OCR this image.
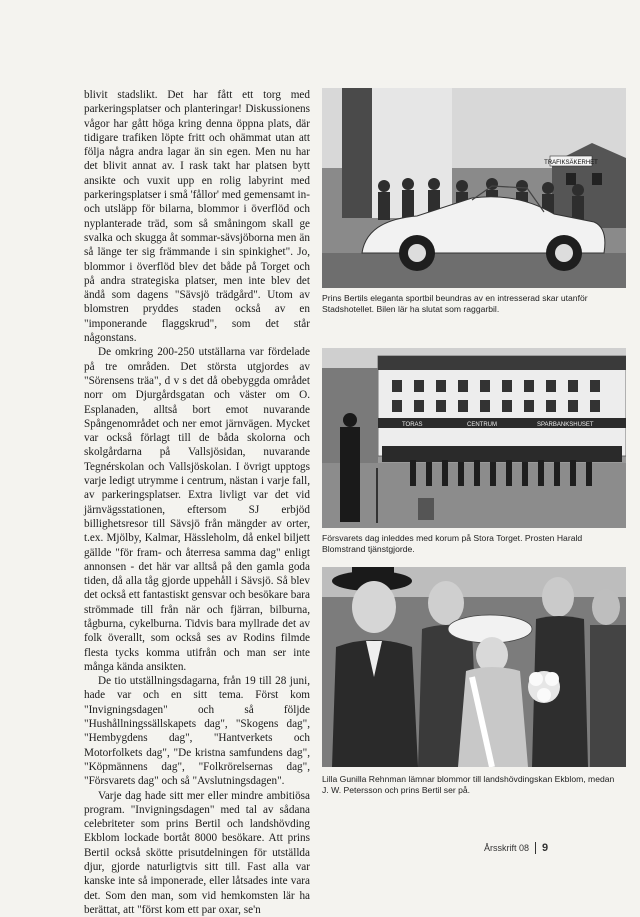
blivit stadslikt. Det har fått ett torg med parkeringsplatser och planteringar! Diskussionens vågor har gått höga kring denna öppna plats, där tidigare trafiken löpte fritt och ohämmat utan att följa några andra lagar än sin egen. Men nu har det blivit annat av. I rask takt har platsen bytt ansikte och vuxit upp en rolig labyrint med parkeringsplatser i små 'fållor' med gemensamt in- och utsläpp för bilarna, blommor i överflöd och nyplanterade träd, som så småningom skall ge svalka och skugga åt sommar-sävsjöborna men än så länge ter sig främmande i sin spinkighet". Jo, blommor i överflöd blev det både på Torget och på andra strategiska platser, men inte blev det ändå som dagens "Sävsjö trädgård". Utom av blomstren pryddes staden också av en "imponerande flaggskrud", som det står någonstans.

De omkring 200-250 utställarna var fördelade på tre områden. Det största utgjordes av "Sörensens träa", d v s det då obebyggda området norr om Djurgårdsgatan och väster om O. Esplanaden, alltså bort emot nuvarande Spångenområdet och ner emot järnvägen. Mycket var också förlagt till de båda skolorna och skolgårdarna på Vallsjösidan, nuvarande Tegnérskolan och Vallsjöskolan. I övrigt upptogs varje ledigt utrymme i centrum, nästan i varje fall, av parkeringsplatser. Extra livligt var det vid järnvägsstationen, eftersom SJ erbjöd billighetsresor till Sävsjö från mängder av orter, t.ex. Mjölby, Kalmar, Hässleholm, då enkel biljett gällde "för fram- och återresa samma dag" enligt annonsen - det här var alltså på den gamla goda tiden, då alla tåg gjorde uppehåll i Sävsjö. Så blev det också ett fantastiskt gensvar och besökare bara strömmade till från när och fjärran, bilburna, tågburna, cykelburna. Tidvis bara myllrade det av folk överallt, som också ses av Rodins filmde flesta tycks komma utifrån och man ser inte många kända ansikten.

De tio utställningsdagarna, från 19 till 28 juni, hade var och en sitt tema. Först kom "Invigningsdagen" och så följde "Hushållningssällskapets dag", "Skogens dag", "Hembygdens dag", "Hantverkets och Motorfolkets dag", "De kristna samfundens dag", "Köpmännens dag", "Folkrörelsernas dag", "Försvarets dag" och så "Avslutningsdagen".

Varje dag hade sitt mer eller mindre ambitiösa program. "Invigningsdagen" med tal av sådana celebriteter som prins Bertil och landshövding Ekblom lockade bortåt 8000 besökare. Att prins Bertil också skötte prisutdelningen för utställda djur, gjorde naturligtvis sitt till. Fast alla var kanske inte så imponerade, eller låtsades inte vara det. Som den man, som vid hemkomsten lär ha berättat, att "först kom ett par oxar, se'n

TRAFIKSÄKERHET
Prins Bertils eleganta sportbil beundras av en intresserad skar utanför Stadshotellet. Bilen lär ha slutat som raggarbil.
TORAS	CENTRUM	SPARBANKSHUSET
Försvarets dag inleddes med korum på Stora Torget. Prosten Harald Blomstrand tjänstgjorde.
Lilla Gunilla Rehnman lämnar blommor till landshövdingskan Ekblom, medan J. W. Petersson och prins Bertil ser på.
Årsskrift 08 9
